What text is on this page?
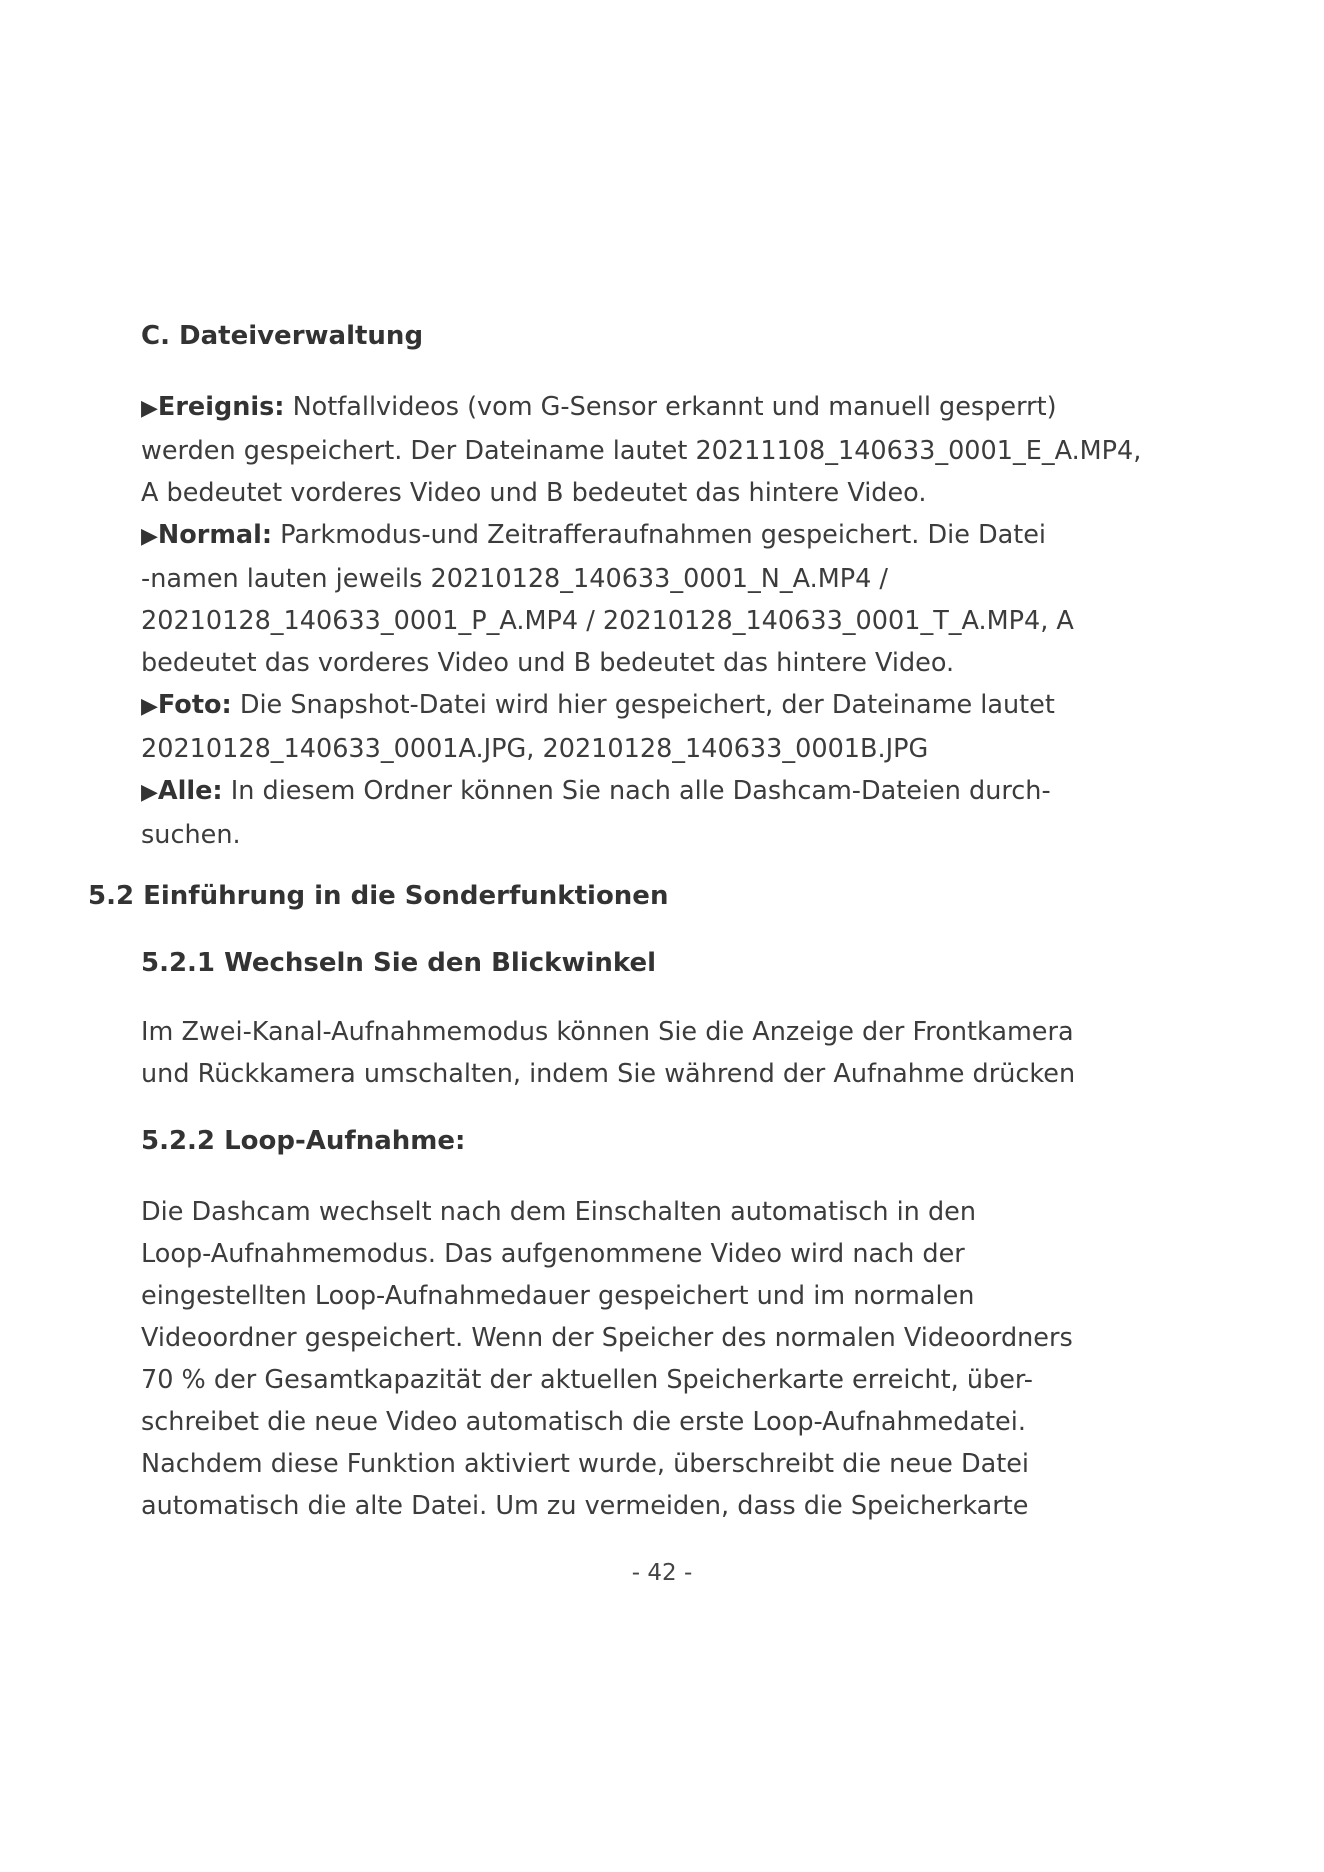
C. Dateiverwaltung
▶Ereignis: Notfallvideos (vom G-Sensor erkannt und manuell gesperrt)
werden gespeichert. Der Dateiname lautet 20211108_140633_0001_E_A.MP4,
A bedeutet vorderes Video und B bedeutet das hintere Video.
▶Normal: Parkmodus-und Zeitrafferaufnahmen gespeichert. Die Datei
-namen lauten jeweils 20210128_140633_0001_N_A.MP4 /
20210128_140633_0001_P_A.MP4 / 20210128_140633_0001_T_A.MP4, A
bedeutet das vorderes Video und B bedeutet das hintere Video.
▶Foto: Die Snapshot-Datei wird hier gespeichert, der Dateiname lautet
20210128_140633_0001A.JPG, 20210128_140633_0001B.JPG
▶Alle: In diesem Ordner können Sie nach alle Dashcam-Dateien durch-
suchen.
5.2 Einführung in die Sonderfunktionen
5.2.1 Wechseln Sie den Blickwinkel
Im Zwei-Kanal-Aufnahmemodus können Sie die Anzeige der Frontkamera
und Rückkamera umschalten, indem Sie während der Aufnahme drücken
5.2.2 Loop-Aufnahme:
Die Dashcam wechselt nach dem Einschalten automatisch in den
Loop-Aufnahmemodus. Das aufgenommene Video wird nach der
eingestellten Loop-Aufnahmedauer gespeichert und im normalen
Videoordner gespeichert. Wenn der Speicher des normalen Videoordners
70 % der Gesamtkapazität der aktuellen Speicherkarte erreicht, über-
schreibet die neue Video automatisch die erste Loop-Aufnahmedatei.
Nachdem diese Funktion aktiviert wurde, überschreibt die neue Datei
automatisch die alte Datei. Um zu vermeiden, dass die Speicherkarte
- 42 -
